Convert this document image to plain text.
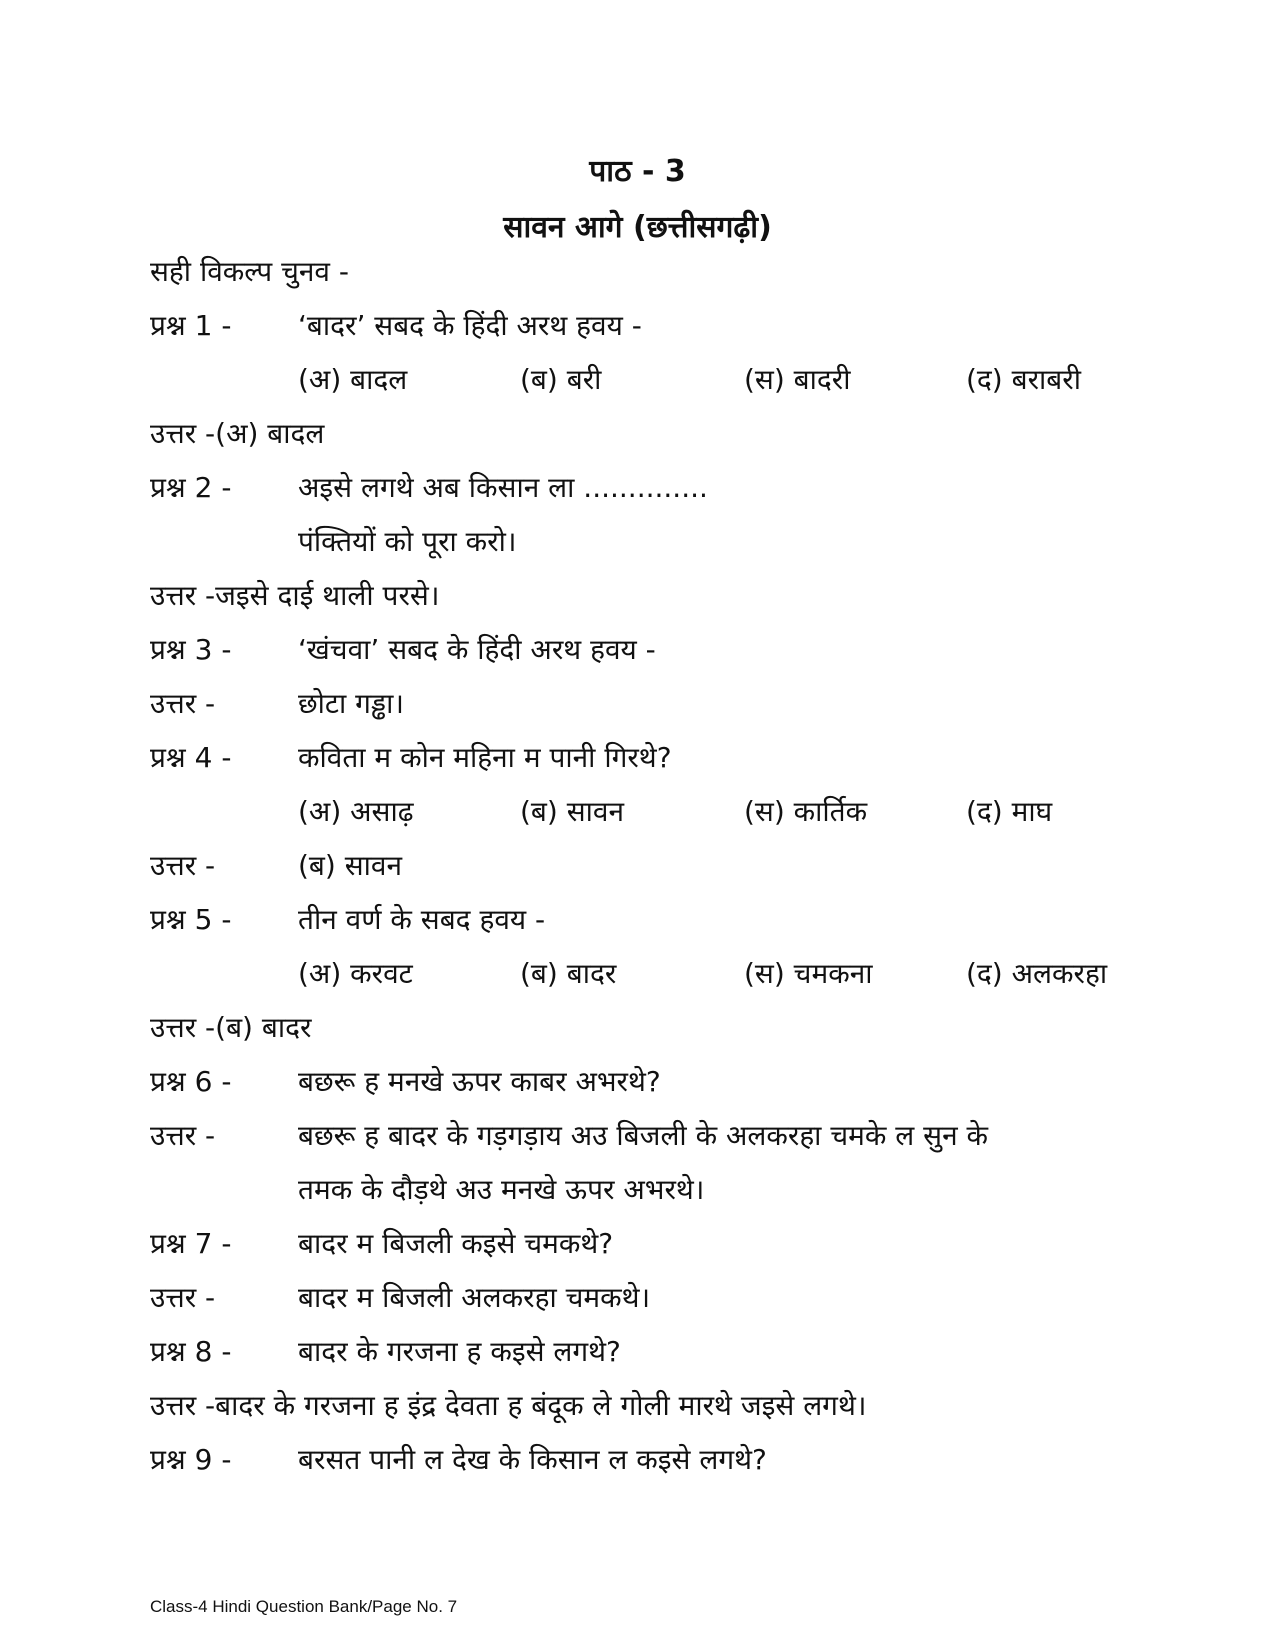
पाठ - 3
सावन आगे (छत्तीसगढ़ी)
सही विकल्प चुनव -
प्रश्न 1 - ‘बादर’ सबद के हिंदी अरथ हवय -
(अ) बादल	(ब) बरी	(स) बादरी	(द) बराबरी
उत्तर -(अ) बादल
प्रश्न 2 - अइसे लगथे अब किसान ला ..............
पंक्तियों को पूरा करो।
उत्तर -जइसे दाई थाली परसे।
प्रश्न 3 - ‘खंचवा’ सबद के हिंदी अरथ हवय -
उत्तर -	छोटा गड्ढा।
प्रश्न 4 - कविता म कोन महिना म पानी गिरथे?
(अ) असाढ़	(ब) सावन	(स) कार्तिक	(द) माघ
उत्तर -	(ब) सावन
प्रश्न 5 - तीन वर्ण के सबद हवय -
(अ) करवट	(ब) बादर	(स) चमकना	(द) अलकरहा
उत्तर -(ब) बादर
प्रश्न 6 - बछरू ह मनखे ऊपर काबर अभरथे?
उत्तर -	बछरू ह बादर के गड़गड़ाय अउ बिजली के अलकरहा चमके ल सुन के
तमक के दौड़थे अउ मनखे ऊपर अभरथे।
प्रश्न 7 - बादर म बिजली कइसे चमकथे?
उत्तर -	बादर म बिजली अलकरहा चमकथे।
प्रश्न 8 - बादर के गरजना ह कइसे लगथे?
उत्तर -बादर के गरजना ह इंद्र देवता ह बंदूक ले गोली मारथे जइसे लगथे।
प्रश्न 9 - बरसत पानी ल देख के किसान ल कइसे लगथे?
Class-4 Hindi Question Bank/Page No. 7
